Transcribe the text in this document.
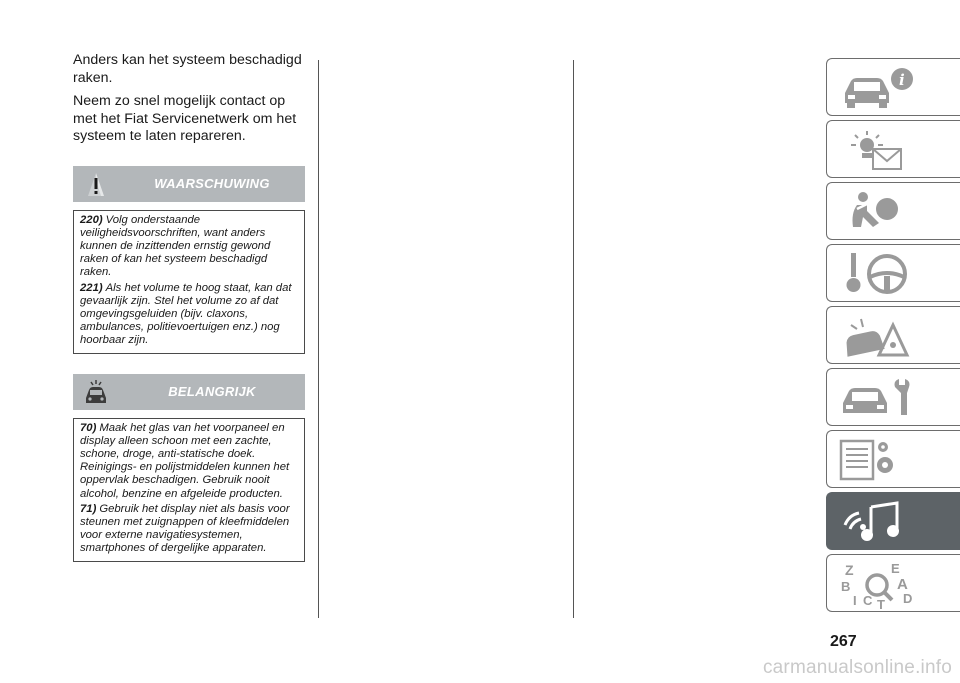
Anders kan het systeem beschadigd raken.

Neem zo snel mogelijk contact op met het Fiat Servicenetwerk om het systeem te laten repareren.

WAARSCHUWING

220) Volg onderstaande veiligheidsvoorschriften, want anders kunnen de inzittenden ernstig gewond raken of kan het systeem beschadigd raken.

221) Als het volume te hoog staat, kan dat gevaarlijk zijn. Stel het volume zo af dat omgevingsgeluiden (bijv. claxons, ambulances, politievoertuigen enz.) nog hoorbaar zijn.

BELANGRIJK

70) Maak het glas van het voorpaneel en display alleen schoon met een zachte, schone, droge, anti-statische doek. Reinigings- en polijstmiddelen kunnen het oppervlak beschadigen. Gebruik nooit alcohol, benzine en afgeleide producten.

71) Gebruik het display niet als basis voor steunen met zuignappen of kleefmiddelen voor externe navigatiesystemen, smartphones of dergelijke apparaten.

i
Z	E
B	A
I C T D
267
carmanualsonline.info
